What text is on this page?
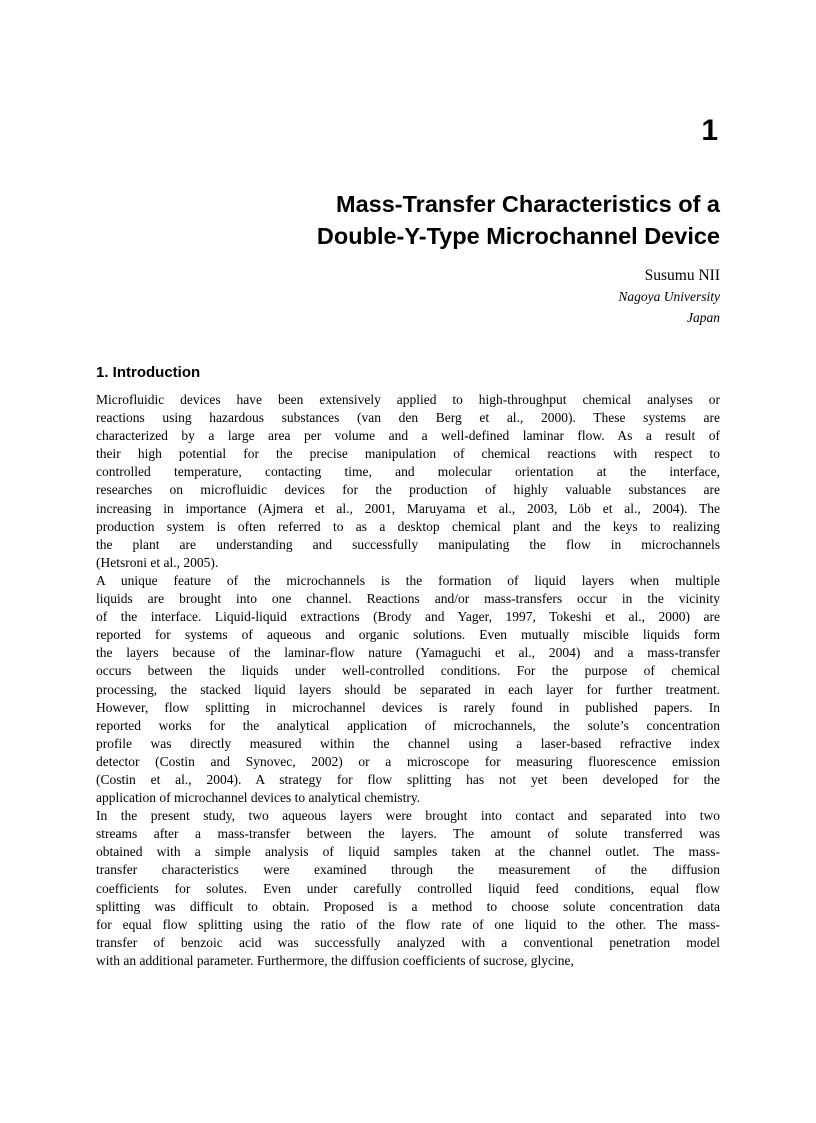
1
Mass-Transfer Characteristics of a
Double-Y-Type Microchannel Device
Susumu NII
Nagoya University
Japan
1. Introduction
Microfluidic devices have been extensively applied to high-throughput chemical analyses or
reactions using hazardous substances (van den Berg et al., 2000). These systems are
characterized by a large area per volume and a well-defined laminar flow. As a result of
their high potential for the precise manipulation of chemical reactions with respect to
controlled temperature, contacting time, and molecular orientation at the interface,
researches on microfluidic devices for the production of highly valuable substances are
increasing in importance (Ajmera et al., 2001, Maruyama et al., 2003, Löb et al., 2004). The
production system is often referred to as a desktop chemical plant and the keys to realizing
the plant are understanding and successfully manipulating the flow in microchannels
(Hetsroni et al., 2005).
A unique feature of the microchannels is the formation of liquid layers when multiple
liquids are brought into one channel. Reactions and/or mass-transfers occur in the vicinity
of the interface. Liquid-liquid extractions (Brody and Yager, 1997, Tokeshi et al., 2000) are
reported for systems of aqueous and organic solutions. Even mutually miscible liquids form
the layers because of the laminar-flow nature (Yamaguchi et al., 2004) and a mass-transfer
occurs between the liquids under well-controlled conditions. For the purpose of chemical
processing, the stacked liquid layers should be separated in each layer for further treatment.
However, flow splitting in microchannel devices is rarely found in published papers. In
reported works for the analytical application of microchannels, the solute’s concentration
profile was directly measured within the channel using a laser-based refractive index
detector (Costin and Synovec, 2002) or a microscope for measuring fluorescence emission
(Costin et al., 2004). A strategy for flow splitting has not yet been developed for the
application of microchannel devices to analytical chemistry.
In the present study, two aqueous layers were brought into contact and separated into two
streams after a mass-transfer between the layers. The amount of solute transferred was
obtained with a simple analysis of liquid samples taken at the channel outlet. The mass-
transfer characteristics were examined through the measurement of the diffusion
coefficients for solutes. Even under carefully controlled liquid feed conditions, equal flow
splitting was difficult to obtain. Proposed is a method to choose solute concentration data
for equal flow splitting using the ratio of the flow rate of one liquid to the other. The mass-
transfer of benzoic acid was successfully analyzed with a conventional penetration model
with an additional parameter. Furthermore, the diffusion coefficients of sucrose, glycine,
